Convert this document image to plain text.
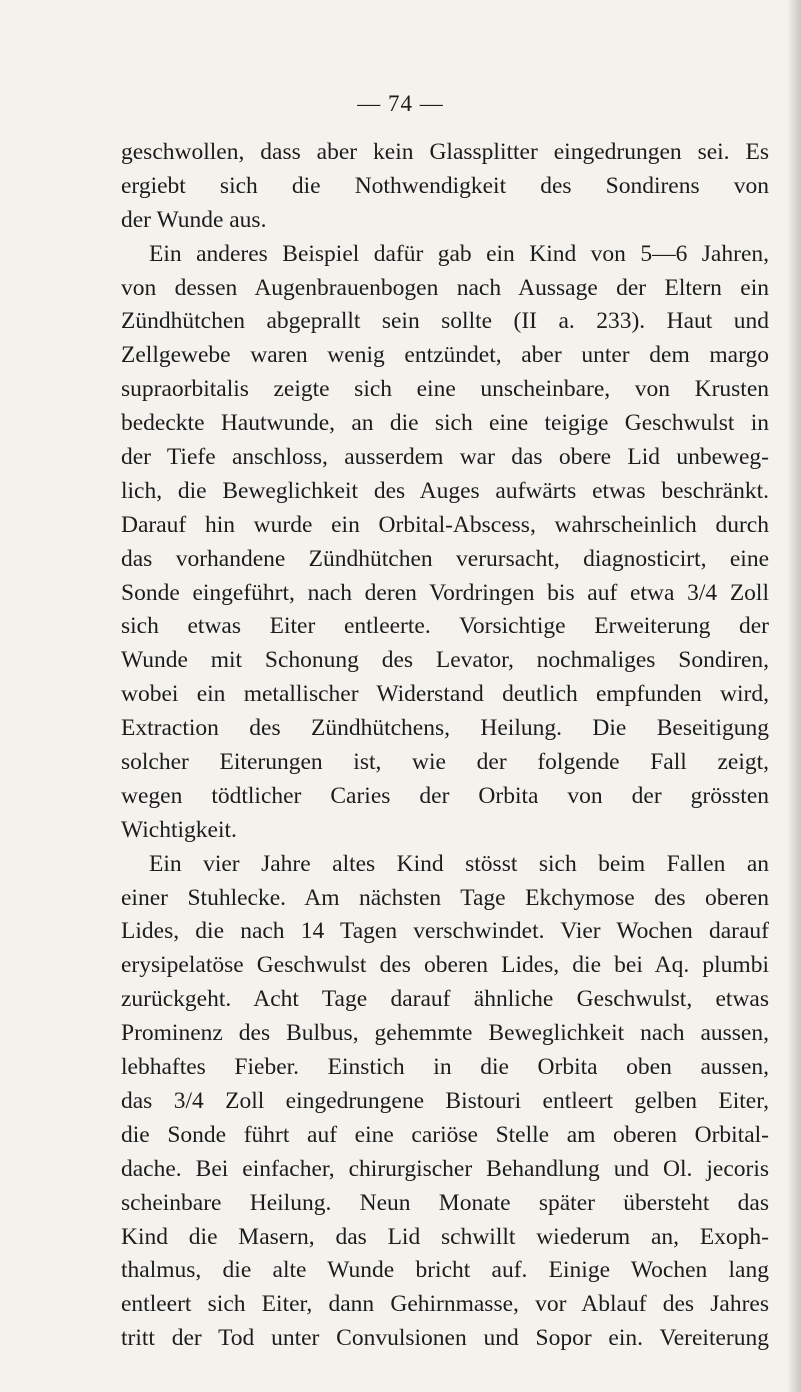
— 74 —
geschwollen, dass aber kein Glassplitter eingedrungen sei. Es
ergiebt sich die Nothwendigkeit des Sondirens von
der Wunde aus.
Ein anderes Beispiel dafür gab ein Kind von 5—6 Jahren,
von dessen Augenbrauenbogen nach Aussage der Eltern ein
Zündhütchen abgeprallt sein sollte (II a. 233). Haut und
Zellgewebe waren wenig entzündet, aber unter dem margo
supraorbitalis zeigte sich eine unscheinbare, von Krusten
bedeckte Hautwunde, an die sich eine teigige Geschwulst in
der Tiefe anschloss, ausserdem war das obere Lid unbeweg-
lich, die Beweglichkeit des Auges aufwärts etwas beschränkt.
Darauf hin wurde ein Orbital-Abscess, wahrscheinlich durch
das vorhandene Zündhütchen verursacht, diagnosticirt, eine
Sonde eingeführt, nach deren Vordringen bis auf etwa 3/4 Zoll
sich etwas Eiter entleerte. Vorsichtige Erweiterung der
Wunde mit Schonung des Levator, nochmaliges Sondiren,
wobei ein metallischer Widerstand deutlich empfunden wird,
Extraction des Zündhütchens, Heilung. Die Beseitigung
solcher Eiterungen ist, wie der folgende Fall zeigt,
wegen tödtlicher Caries der Orbita von der grössten
Wichtigkeit.
Ein vier Jahre altes Kind stösst sich beim Fallen an
einer Stuhlecke. Am nächsten Tage Ekchymose des oberen
Lides, die nach 14 Tagen verschwindet. Vier Wochen darauf
erysipelatöse Geschwulst des oberen Lides, die bei Aq. plumbi
zurückgeht. Acht Tage darauf ähnliche Geschwulst, etwas
Prominenz des Bulbus, gehemmte Beweglichkeit nach aussen,
lebhaftes Fieber. Einstich in die Orbita oben aussen,
das 3/4 Zoll eingedrungene Bistouri entleert gelben Eiter,
die Sonde führt auf eine cariöse Stelle am oberen Orbital-
dache. Bei einfacher, chirurgischer Behandlung und Ol. jecoris
scheinbare Heilung. Neun Monate später übersteht das
Kind die Masern, das Lid schwillt wiederum an, Exoph-
thalmus, die alte Wunde bricht auf. Einige Wochen lang
entleert sich Eiter, dann Gehirnmasse, vor Ablauf des Jahres
tritt der Tod unter Convulsionen und Sopor ein. Vereiterung
